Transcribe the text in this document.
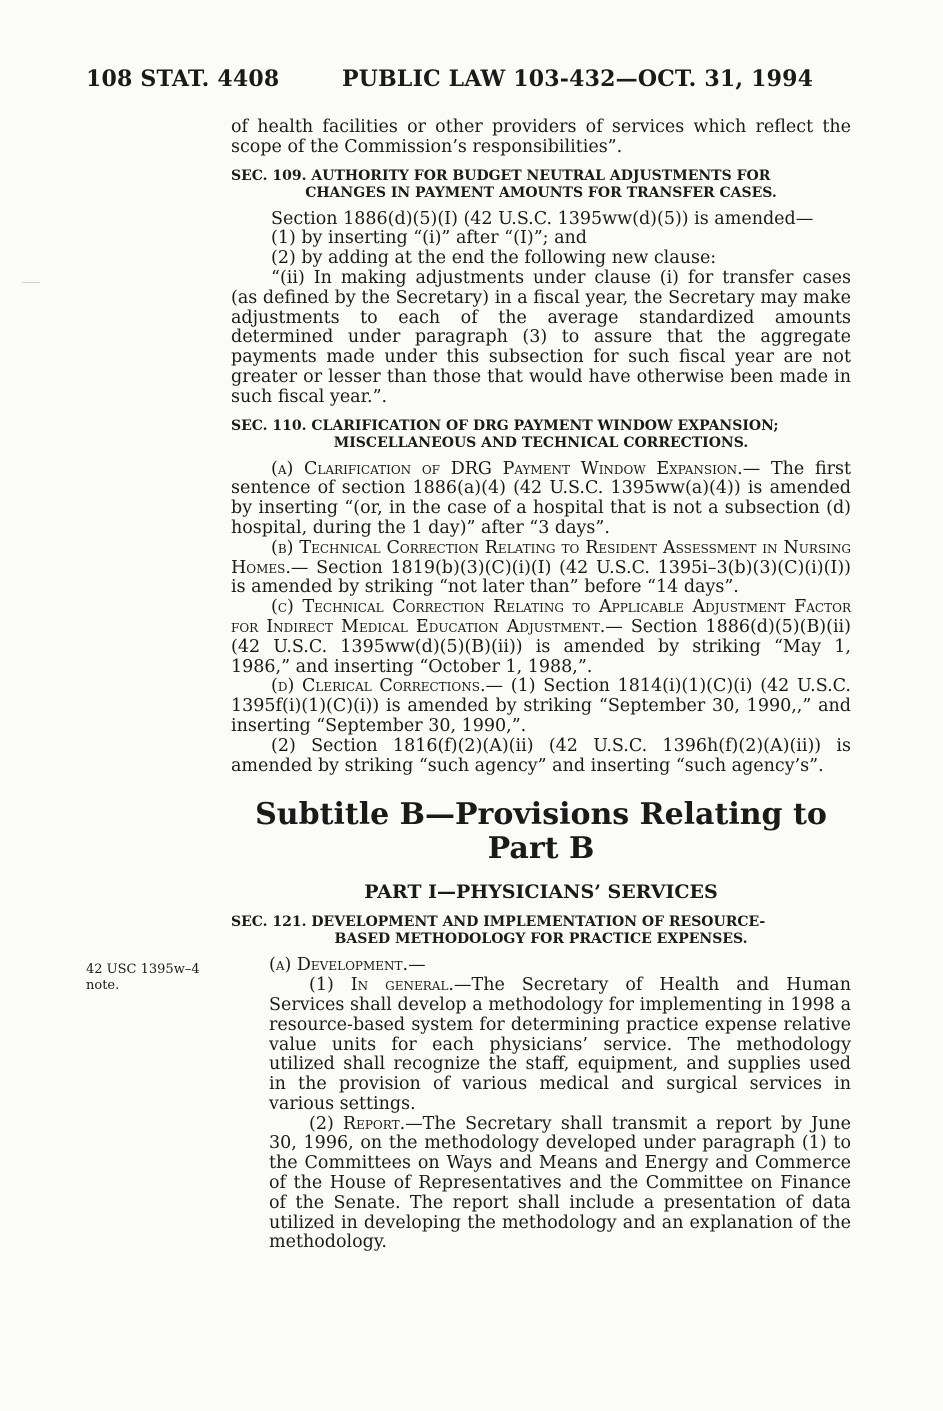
108 STAT. 4408	PUBLIC LAW 103-432—OCT. 31, 1994
42 USC 1395w–4
note.

of health facilities or other providers of services which reflect the scope of the Commission’s responsibilities”.

SEC. 109. AUTHORITY FOR BUDGET NEUTRAL ADJUSTMENTS FOR
CHANGES IN PAYMENT AMOUNTS FOR TRANSFER CASES.

Section 1886(d)(5)(I) (42 U.S.C. 1395ww(d)(5)) is amended—

(1) by inserting “(i)” after “(I)”; and

(2) by adding at the end the following new clause:

“(ii) In making adjustments under clause (i) for transfer cases (as defined by the Secretary) in a fiscal year, the Secretary may make adjustments to each of the average standardized amounts determined under paragraph (3) to assure that the aggregate payments made under this subsection for such fiscal year are not greater or lesser than those that would have otherwise been made in such fiscal year.”.

SEC. 110. CLARIFICATION OF DRG PAYMENT WINDOW EXPANSION;
MISCELLANEOUS AND TECHNICAL CORRECTIONS.

(a) Clarification of DRG Payment Window Expansion.— The first sentence of section 1886(a)(4) (42 U.S.C. 1395ww(a)(4)) is amended by inserting “(or, in the case of a hospital that is not a subsection (d) hospital, during the 1 day)” after “3 days”.

(b) Technical Correction Relating to Resident Assessment in Nursing Homes.— Section 1819(b)(3)(C)(i)(I) (42 U.S.C. 1395i–3(b)(3)(C)(i)(I)) is amended by striking “not later than” before “14 days”.

(c) Technical Correction Relating to Applicable Adjustment Factor for Indirect Medical Education Adjustment.— Section 1886(d)(5)(B)(ii) (42 U.S.C. 1395ww(d)(5)(B)(ii)) is amended by striking “May 1, 1986,” and inserting “October 1, 1988,”.

(d) Clerical Corrections.— (1) Section 1814(i)(1)(C)(i) (42 U.S.C. 1395f(i)(1)(C)(i)) is amended by striking “September 30, 1990,,” and inserting “September 30, 1990,”.

(2) Section 1816(f)(2)(A)(ii) (42 U.S.C. 1396h(f)(2)(A)(ii)) is amended by striking “such agency” and inserting “such agency’s”.

Subtitle B—Provisions Relating to Part B
PART I—PHYSICIANS’ SERVICES
SEC. 121. DEVELOPMENT AND IMPLEMENTATION OF RESOURCE-
BASED METHODOLOGY FOR PRACTICE EXPENSES.

(a) Development.—

(1) In general.—The Secretary of Health and Human Services shall develop a methodology for implementing in 1998 a resource-based system for determining practice expense relative value units for each physicians’ service. The methodology utilized shall recognize the staff, equipment, and supplies used in the provision of various medical and surgical services in various settings.

(2) Report.—The Secretary shall transmit a report by June 30, 1996, on the methodology developed under paragraph (1) to the Committees on Ways and Means and Energy and Commerce of the House of Representatives and the Committee on Finance of the Senate. The report shall include a presentation of data utilized in developing the methodology and an explanation of the methodology.
